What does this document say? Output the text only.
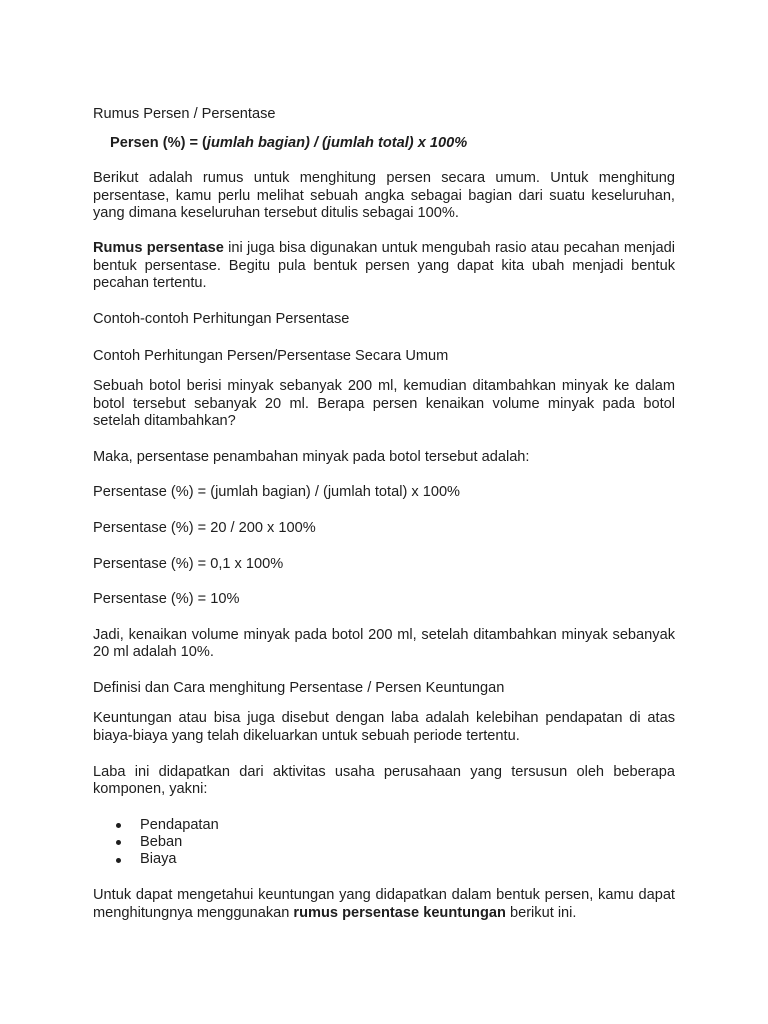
Rumus Persen / Persentase

Persen (%) = (jumlah bagian) / (jumlah total) x 100%

Berikut adalah rumus untuk menghitung persen secara umum. Untuk menghitung persentase, kamu perlu melihat sebuah angka sebagai bagian dari suatu keseluruhan, yang dimana keseluruhan tersebut ditulis sebagai 100%.

Rumus persentase ini juga bisa digunakan untuk mengubah rasio atau pecahan menjadi bentuk persentase. Begitu pula bentuk persen yang dapat kita ubah menjadi bentuk pecahan tertentu.

Contoh-contoh Perhitungan Persentase

Contoh Perhitungan Persen/Persentase Secara Umum

Sebuah botol berisi minyak sebanyak 200 ml, kemudian ditambahkan minyak ke dalam botol tersebut sebanyak 20 ml. Berapa persen kenaikan volume minyak pada botol setelah ditambahkan?

Maka, persentase penambahan minyak pada botol tersebut adalah:

Persentase (%) = (jumlah bagian) / (jumlah total) x 100%

Persentase (%) = 20 / 200 x 100%

Persentase (%) = 0,1 x 100%

Persentase (%) = 10%

Jadi, kenaikan volume minyak pada botol 200 ml, setelah ditambahkan minyak sebanyak 20 ml adalah 10%.

Definisi dan Cara menghitung Persentase / Persen Keuntungan

Keuntungan atau bisa juga disebut dengan laba adalah kelebihan pendapatan di atas biaya-biaya yang telah dikeluarkan untuk sebuah periode tertentu.

Laba ini didapatkan dari aktivitas usaha perusahaan yang tersusun oleh beberapa komponen, yakni:

Pendapatan
Beban
Biaya

Untuk dapat mengetahui keuntungan yang didapatkan dalam bentuk persen, kamu dapat menghitungnya menggunakan rumus persentase keuntungan berikut ini.
